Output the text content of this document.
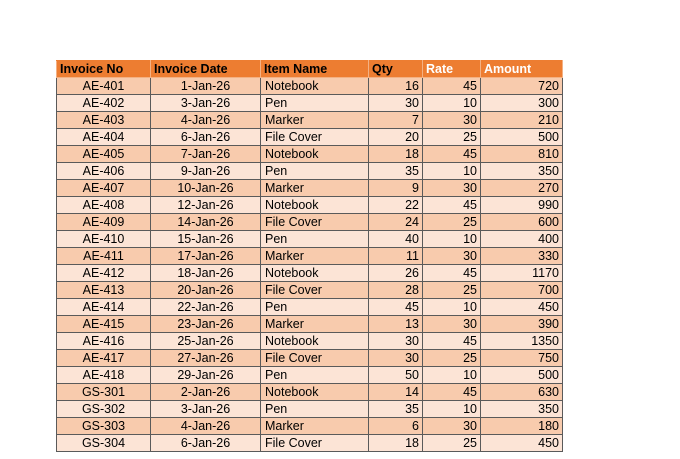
Invoice No	Invoice Date	Item Name	Qty	Rate	Amount
AE-401	1-Jan-26	Notebook	16	45	720
AE-402	3-Jan-26	Pen	30	10	300
AE-403	4-Jan-26	Marker	7	30	210
AE-404	6-Jan-26	File Cover	20	25	500
AE-405	7-Jan-26	Notebook	18	45	810
AE-406	9-Jan-26	Pen	35	10	350
AE-407	10-Jan-26	Marker	9	30	270
AE-408	12-Jan-26	Notebook	22	45	990
AE-409	14-Jan-26	File Cover	24	25	600
AE-410	15-Jan-26	Pen	40	10	400
AE-411	17-Jan-26	Marker	11	30	330
AE-412	18-Jan-26	Notebook	26	45	1170
AE-413	20-Jan-26	File Cover	28	25	700
AE-414	22-Jan-26	Pen	45	10	450
AE-415	23-Jan-26	Marker	13	30	390
AE-416	25-Jan-26	Notebook	30	45	1350
AE-417	27-Jan-26	File Cover	30	25	750
AE-418	29-Jan-26	Pen	50	10	500
GS-301	2-Jan-26	Notebook	14	45	630
GS-302	3-Jan-26	Pen	35	10	350
GS-303	4-Jan-26	Marker	6	30	180
GS-304	6-Jan-26	File Cover	18	25	450
